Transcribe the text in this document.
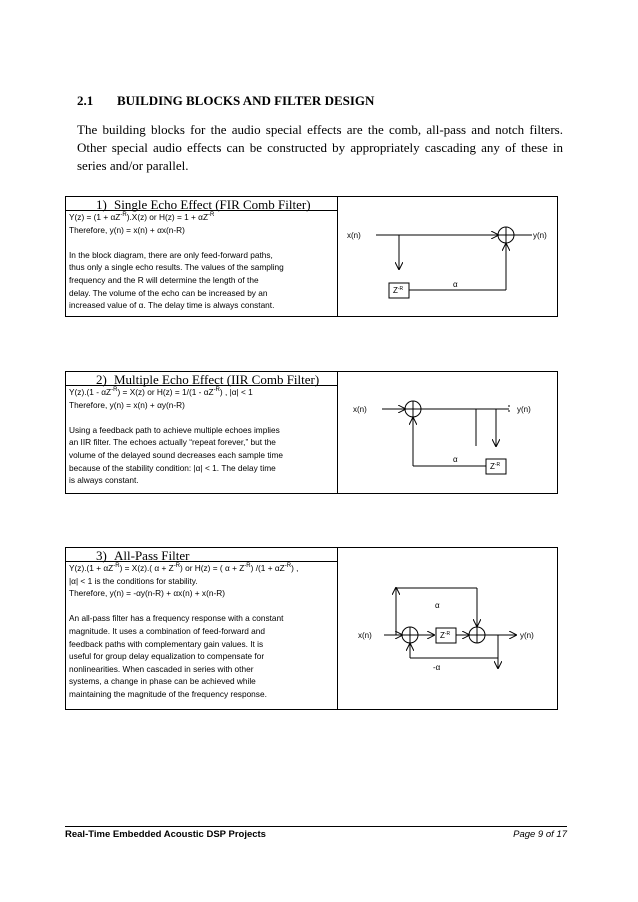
2.1 BUILDING BLOCKS AND FILTER DESIGN
The building blocks for the audio special effects are the comb, all-pass and notch filters. Other special audio effects can be constructed by appropriately cascading any of these in series and/or parallel.
1) Single Echo Effect (FIR Comb Filter)
$Y(z) = (1 + \alpha Z^{-R}).X(z)$ or $H(z) = 1 + \alpha Z^{-R}$
Therefore, y(n) = x(n) + αx(n-R)
In the block diagram, there are only feed-forward paths,
thus only a single echo results. The values of the sampling
frequency and the R will determine the length of the
delay. The volume of the echo can be increased by an
increased value of α. The delay time is always constant.
x(n)	y(n)
$Z^{-R}$	α
2) Multiple Echo Effect (IIR Comb Filter)
$Y(z).(1 - \alpha Z^{-R}) = X(z)$ or $H(z) = 1/(1 - \alpha Z^{-R})$ , |α| < 1
Therefore, y(n) = x(n) + αy(n-R)
Using a feedback path to achieve multiple echoes implies
an IIR filter. The echoes actually “repeat forever,” but the
volume of the delayed sound decreases each sample time
because of the stability condition: |α| < 1. The delay time
is always constant.
x(n)	y(n)
$Z^{-R}$
α
3) All-Pass Filter
$Y(z).(1 + \alpha Z^{-R}) = X(z)$.( $\alpha + Z^{-R}$) or H(z) = ( $\alpha + Z^{-R}$) $/(1 + \alpha Z^{-R})$ ,
|α| < 1 is the conditions for stability.
Therefore, y(n) = -αy(n-R) + αx(n) + x(n-R)
An all-pass filter has a frequency response with a constant
magnitude. It uses a combination of feed-forward and
feedback paths with complementary gain values. It is
useful for group delay equalization to compensate for
nonlinearities. When cascaded in series with other
systems, a change in phase can be achieved while
maintaining the magnitude of the frequency response.
x(n)	$Z^{-R}$	y(n)
α
-α
Real-Time Embedded Acoustic DSP Projects	Page 9 of 17
